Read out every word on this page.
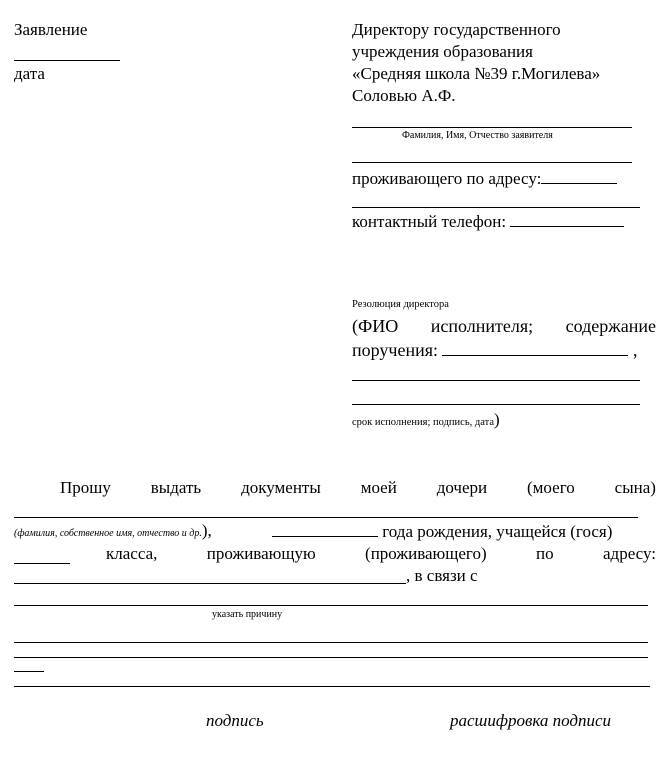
Заявление
дата
Директору государственного
учреждения образования
«Средняя школа №39 г.Могилева»
Соловью А.Ф.
Фамилия, Имя, Отчество заявителя
проживающего по адресу:
контактный телефон:
Резолюция директора
(ФИО исполнителя; содержание
поручения:	,
срок исполнения; подпись, дата)
Прошу выдать документы моей дочери (моего сына)
(фамилия, собственное имя, отчество и др.),	года рождения, учащейся (гося)
класса,	проживающую	(проживающего)	по	адресу:
, в связи с
указать причину
подпись	расшифровка подписи
